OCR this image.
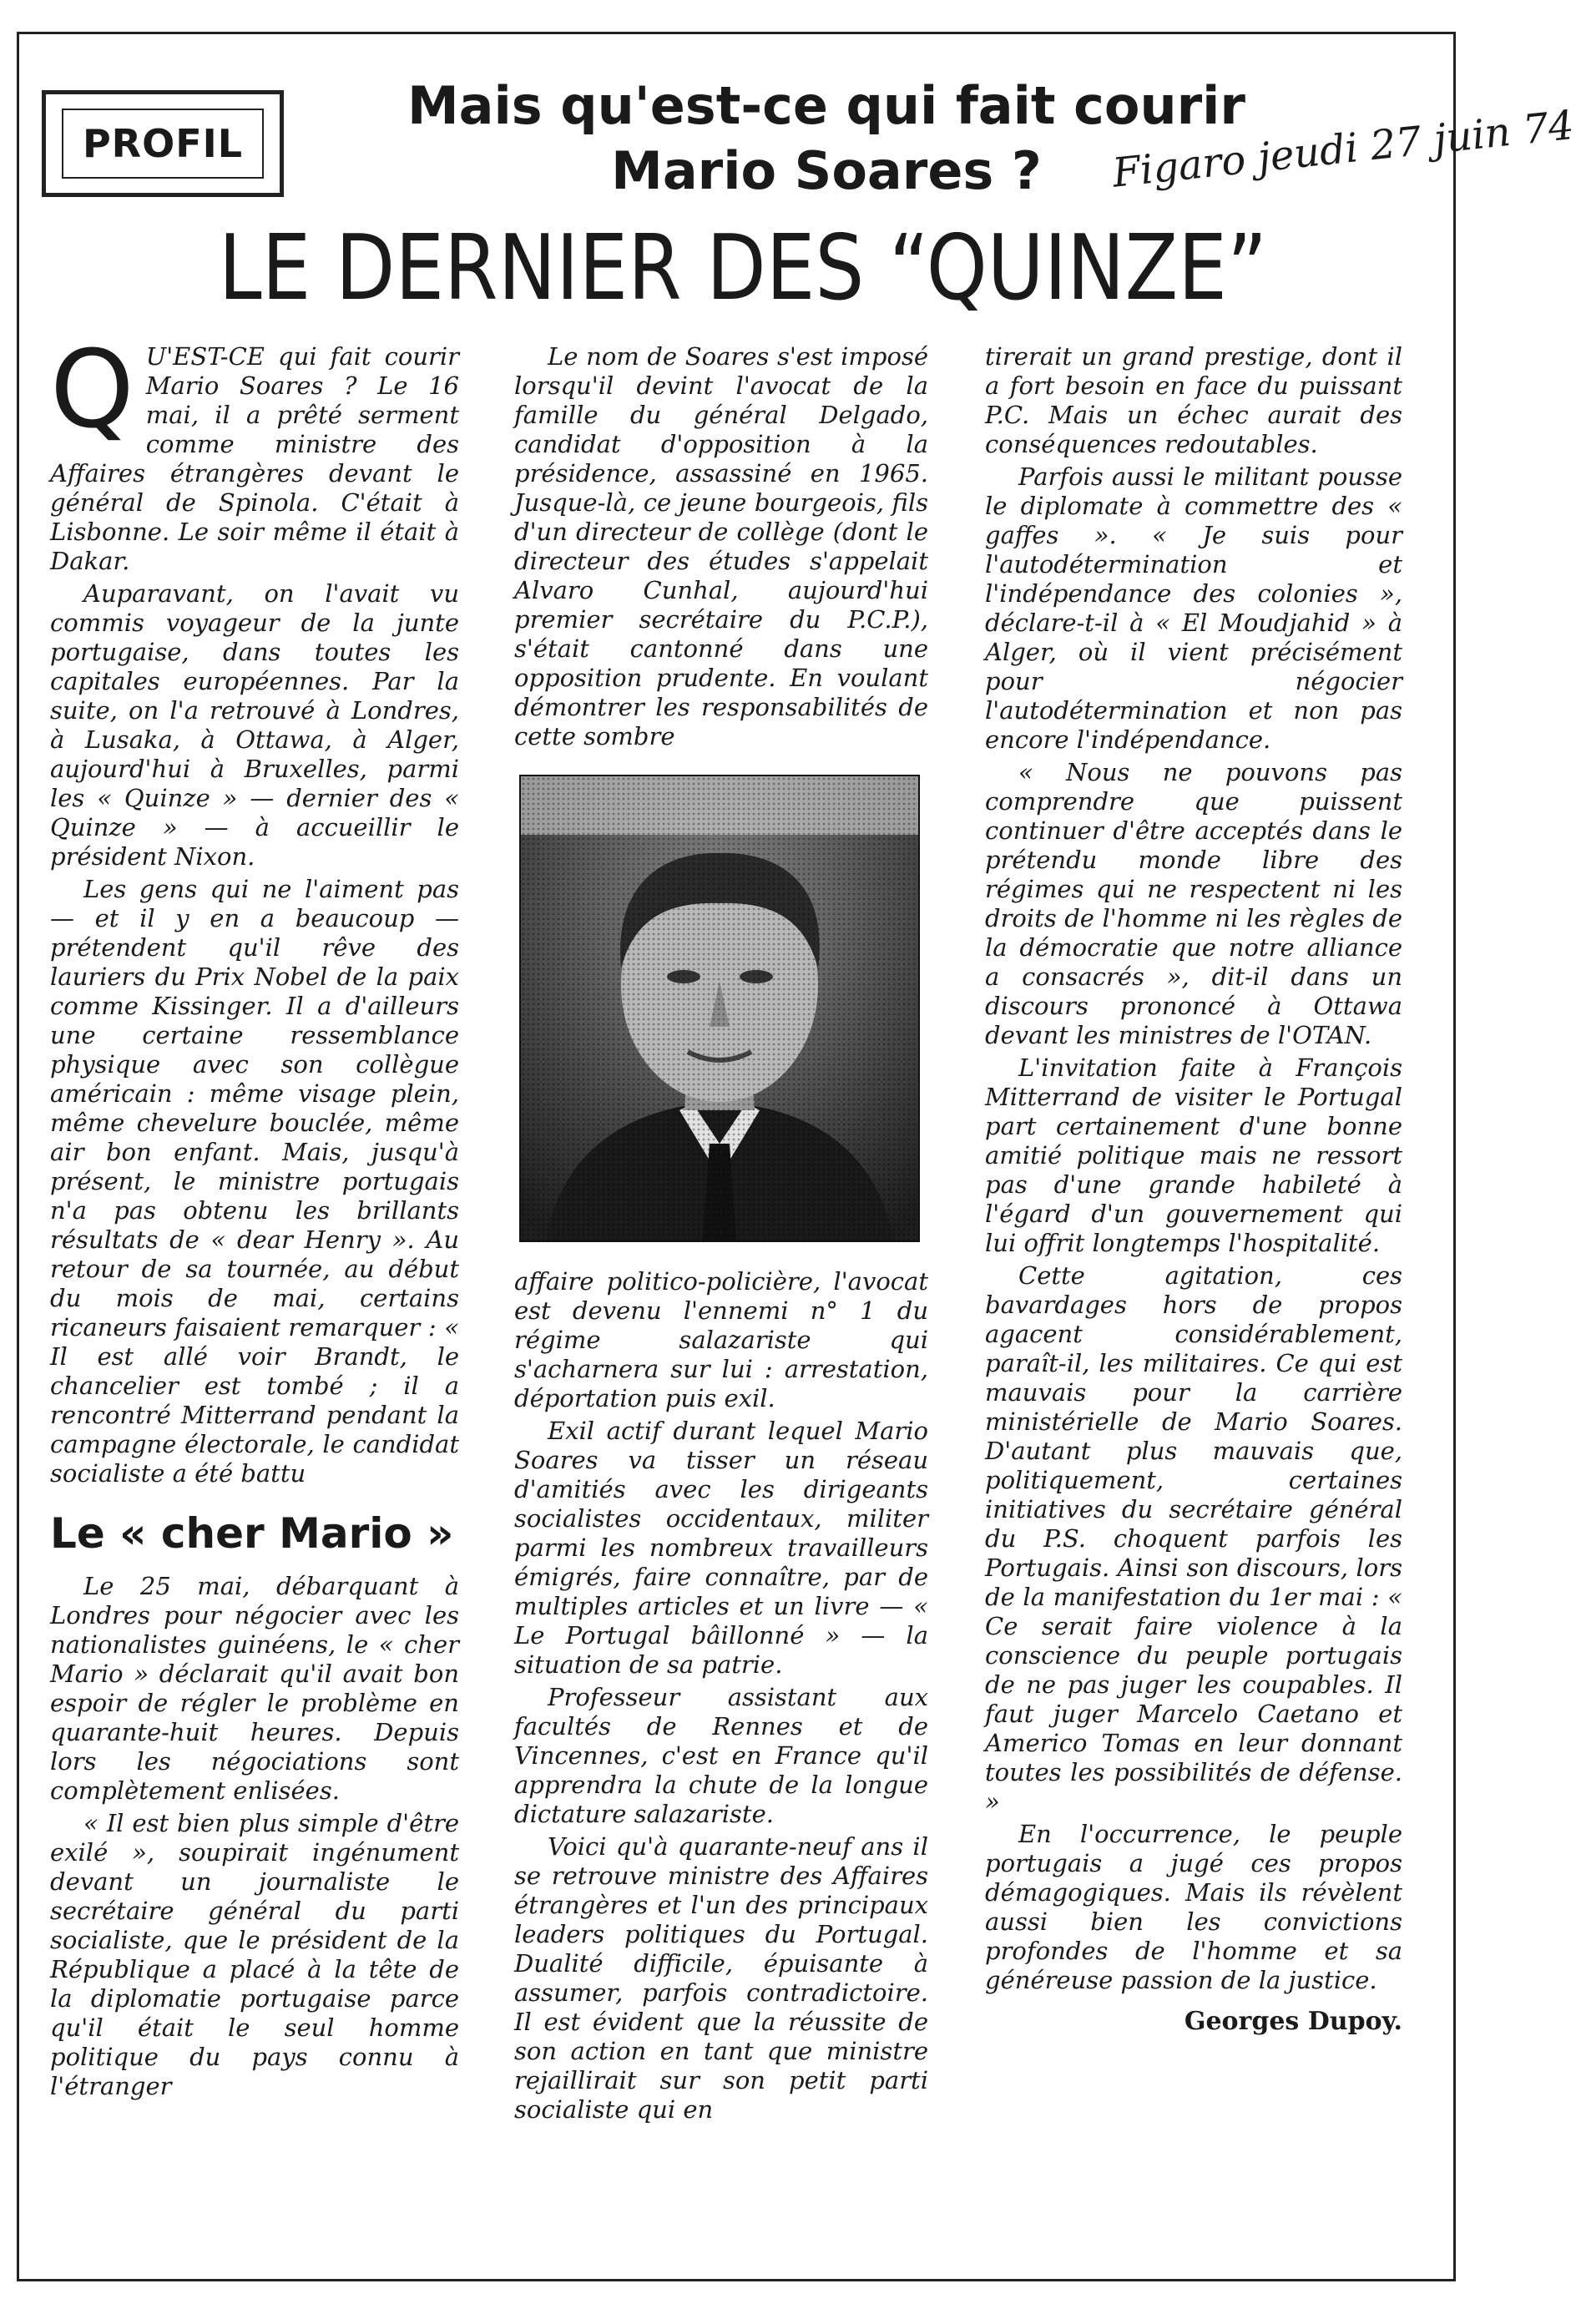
PROFIL
Mais qu'est-ce qui fait courir
Mario Soares ?	Figaro jeudi 27 juin 74
LE DERNIER DES “QUINZE”

Q U'EST-CE qui fait courir Mario Soares ? Le 16 mai, il a prêté serment comme ministre des Affaires étrangères devant le général de Spinola. C'était à Lisbonne. Le soir même il était à Dakar.

Auparavant, on l'avait vu commis voyageur de la junte portugaise, dans toutes les capitales européennes. Par la suite, on l'a retrouvé à Londres, à Lusaka, à Ottawa, à Alger, aujourd'hui à Bruxelles, parmi les « Quinze » — dernier des « Quinze » — à accueillir le président Nixon.

Les gens qui ne l'aiment pas — et il y en a beaucoup — prétendent qu'il rêve des lauriers du Prix Nobel de la paix comme Kissinger. Il a d'ailleurs une certaine ressemblance physique avec son collègue américain : même visage plein, même chevelure bouclée, même air bon enfant. Mais, jusqu'à présent, le ministre portugais n'a pas obtenu les brillants résultats de « dear Henry ». Au retour de sa tournée, au début du mois de mai, certains ricaneurs faisaient remarquer : « Il est allé voir Brandt, le chancelier est tombé ; il a rencontré Mitterrand pendant la campagne électorale, le candidat socialiste a été battu

Le « cher Mario »

Le 25 mai, débarquant à Londres pour négocier avec les nationalistes guinéens, le « cher Mario » déclarait qu'il avait bon espoir de régler le problème en quarante-huit heures. Depuis lors les négociations sont complètement enlisées.

« Il est bien plus simple d'être exilé », soupirait ingénument devant un journaliste le secrétaire général du parti socialiste, que le président de la République a placé à la tête de la diplomatie portugaise parce qu'il était le seul homme politique du pays connu à l'étranger

Le nom de Soares s'est imposé lorsqu'il devint l'avocat de la famille du général Delgado, candidat d'opposition à la présidence, assassiné en 1965. Jusque-là, ce jeune bourgeois, fils d'un directeur de collège (dont le directeur des études s'appelait Alvaro Cunhal, aujourd'hui premier secrétaire du P.C.P.), s'était cantonné dans une opposition prudente. En voulant démontrer les responsabilités de cette sombre

affaire politico-policière, l'avocat est devenu l'ennemi n° 1 du régime salazariste qui s'acharnera sur lui : arrestation, déportation puis exil.

Exil actif durant lequel Mario Soares va tisser un réseau d'amitiés avec les dirigeants socialistes occidentaux, militer parmi les nombreux travailleurs émigrés, faire connaître, par de multiples articles et un livre — « Le Portugal bâillonné » — la situation de sa patrie.

Professeur assistant aux facultés de Rennes et de Vincennes, c'est en France qu'il apprendra la chute de la longue dictature salazariste.

Voici qu'à quarante-neuf ans il se retrouve ministre des Affaires étrangères et l'un des principaux leaders politiques du Portugal. Dualité difficile, épuisante à assumer, parfois contradictoire. Il est évident que la réussite de son action en tant que ministre rejaillirait sur son petit parti socialiste qui en

tirerait un grand prestige, dont il a fort besoin en face du puissant P.C. Mais un échec aurait des conséquences redoutables.

Parfois aussi le militant pousse le diplomate à commettre des « gaffes ». « Je suis pour l'autodétermination et l'indépendance des colonies », déclare-t-il à « El Moudjahid » à Alger, où il vient précisément pour négocier l'autodétermination et non pas encore l'indépendance.

« Nous ne pouvons pas comprendre que puissent continuer d'être acceptés dans le prétendu monde libre des régimes qui ne respectent ni les droits de l'homme ni les règles de la démocratie que notre alliance a consacrés », dit-il dans un discours prononcé à Ottawa devant les ministres de l'OTAN.

L'invitation faite à François Mitterrand de visiter le Portugal part certainement d'une bonne amitié politique mais ne ressort pas d'une grande habileté à l'égard d'un gouvernement qui lui offrit longtemps l'hospitalité.

Cette agitation, ces bavardages hors de propos agacent considérablement, paraît-il, les militaires. Ce qui est mauvais pour la carrière ministérielle de Mario Soares. D'autant plus mauvais que, politiquement, certaines initiatives du secrétaire général du P.S. choquent parfois les Portugais. Ainsi son discours, lors de la manifestation du 1er mai : « Ce serait faire violence à la conscience du peuple portugais de ne pas juger les coupables. Il faut juger Marcelo Caetano et Americo Tomas en leur donnant toutes les possibilités de défense. »

En l'occurrence, le peuple portugais a jugé ces propos démagogiques. Mais ils révèlent aussi bien les convictions profondes de l'homme et sa généreuse passion de la justice.

Georges Dupoy.
